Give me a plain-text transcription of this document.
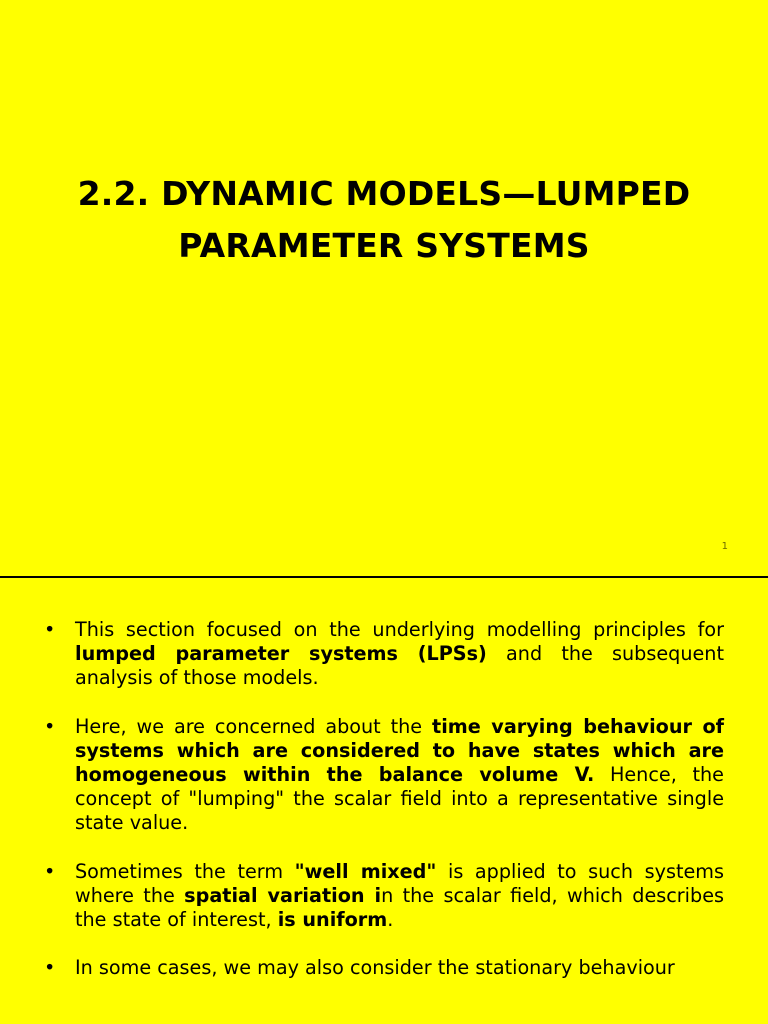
2.2. DYNAMIC MODELS—LUMPED
PARAMETER SYSTEMS
1
• This section focused on the underlying modelling principles for lumped parameter systems (LPSs) and the subsequent analysis of those models.
• Here, we are concerned about the time varying behaviour of systems which are considered to have states which are homogeneous within the balance volume V. Hence, the concept of "lumping" the scalar field into a representative single state value.
• Sometimes the term "well mixed" is applied to such systems where the spatial variation in the scalar field, which describes the state of interest, is uniform.
• In some cases, we may also consider the stationary behaviour
